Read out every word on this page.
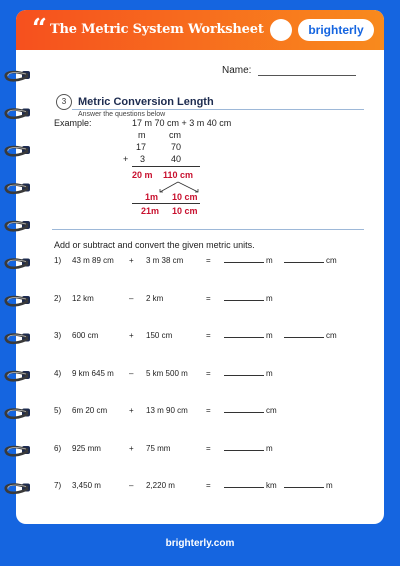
“ The Metric System Worksheet	brighterly
Name:
3	Metric Conversion Length
Answer the questions below
Example:	17 m 70 cm + 3 m 40 cm
m	cm
17	70
+ 3	40
20 m 110 cm
1m 10 cm
21m 10 cm
Add or subtract and convert the given metric units.
1) 43 m 89 cm + 3 m 38 cm	=	m	cm
2) 12 km	– 2 km	=	m
3) 600 cm	+ 150 cm	=	m	cm
4) 9 km 645 m – 5 km 500 m =	m
5) 6m 20 cm	+ 13 m 90 cm =	cm
6) 925 mm	+ 75 mm	=	m
7) 3,450 m	– 2,220 m	=	km	m
brighterly.com
